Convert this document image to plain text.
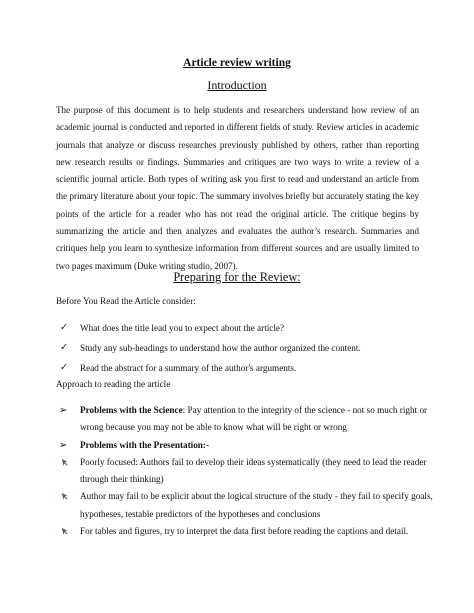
Article review writing
Introduction

The purpose of this document is to help students and researchers understand how review of an academic journal is conducted and reported in different fields of study. Review articles in academic journals that analyze or discuss researches previously published by others, rather than reporting new research results or findings. Summaries and critiques are two ways to write a review of a scientific journal article. Both types of writing ask you first to read and understand an article from the primary literature about your topic. The summary involves briefly but accurately stating the key points of the article for a reader who has not read the original article. The critique begins by summarizing the article and then analyzes and evaluates the author’s research. Summaries and critiques help you learn to synthesize information from different sources and are usually limited to two pages maximum (Duke writing studio, 2007).

Preparing for the Review:
Before You Read the Article consider:
✓ What does the title lead you to expect about the article?
✓ Study any sub-headings to understand how the author organized the content.
✓ Read the abstract for a summary of the author's arguments.
Approach to reading the article
➢ Problems with the Science: Pay attention to the integrity of the science - not so much right or wrong because you may not be able to know what will be right or wrong
➢ Problems with the Presentation:-
Poorly focused: Authors fail to develop their ideas systematically (they need to lead the reader through their thinking)
Author may fail to be explicit about the logical structure of the study - they fail to specify goals, hypotheses, testable predictors of the hypotheses and conclusions
For tables and figures, try to interpret the data first before reading the captions and detail.
